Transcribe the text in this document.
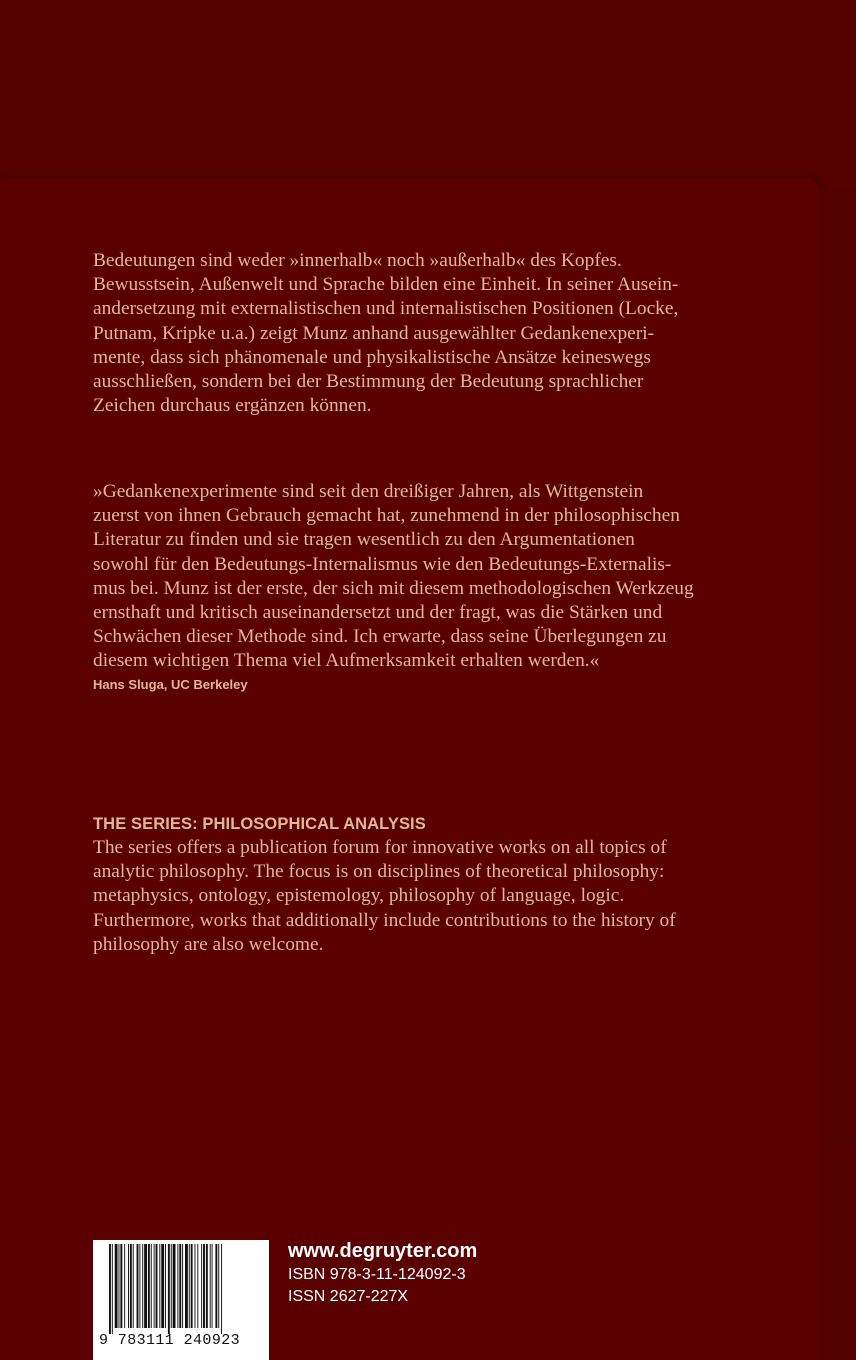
Bedeutungen sind weder »innerhalb« noch »außerhalb« des Kopfes.
Bewusstsein, Außenwelt und Sprache bilden eine Einheit. In seiner Ausein-
andersetzung mit externalistischen und internalistischen Positionen (Locke,
Putnam, Kripke u.a.) zeigt Munz anhand ausgewählter Gedankenexperi-
mente, dass sich phänomenale und physikalistische Ansätze keineswegs
ausschließen, sondern bei der Bestimmung der Bedeutung sprachlicher
Zeichen durchaus ergänzen können.
»Gedankenexperimente sind seit den dreißiger Jahren, als Wittgenstein
zuerst von ihnen Gebrauch gemacht hat, zunehmend in der philosophischen
Literatur zu finden und sie tragen wesentlich zu den Argumentationen
sowohl für den Bedeutungs-Internalismus wie den Bedeutungs-Externalis-
mus bei. Munz ist der erste, der sich mit diesem methodologischen Werkzeug
ernsthaft und kritisch auseinandersetzt und der fragt, was die Stärken und
Schwächen dieser Methode sind. Ich erwarte, dass seine Überlegungen zu
diesem wichtigen Thema viel Aufmerksamkeit erhalten werden.«
Hans Sluga, UC Berkeley
THE SERIES: PHILOSOPHICAL ANALYSIS
The series offers a publication forum for innovative works on all topics of
analytic philosophy. The focus is on disciplines of theoretical philosophy:
metaphysics, ontology, epistemology, philosophy of language, logic.
Furthermore, works that additionally include contributions to the history of
philosophy are also welcome.
9 783111 240923
www.degruyter.com
ISBN 978-3-11-124092-3
ISSN 2627-227X
